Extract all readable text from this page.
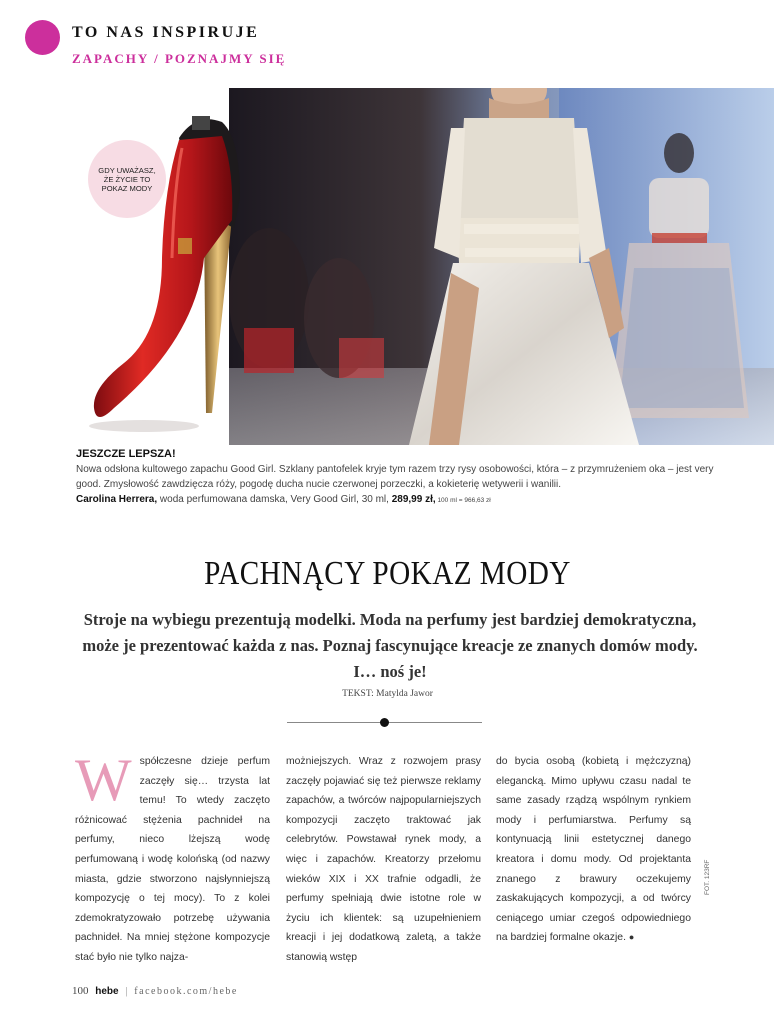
TO NAS INSPIRUJE
ZAPACHY / POZNAJMY SIĘ
GDY UWAŻASZ, ŻE ŻYCIE TO POKAZ MODY

JESZCZE LEPSZA!

Nowa odsłona kultowego zapachu Good Girl. Szklany pantofelek kryje tym razem trzy rysy osobowości, która – z przymrużeniem oka – jest very good. Zmysłowość zawdzięcza róży, pogodę ducha nucie czerwonej porzeczki, a kokieterię wetywerii i wanilii.

Carolina Herrera, woda perfumowana damska, Very Good Girl, 30 ml, 289,99 zł, 100 ml = 966,63 zł

PACHNĄCY POKAZ MODY
Stroje na wybiegu prezentują modelki. Moda na perfumy jest bardziej demokratyczna, może je prezentować każda z nas. Poznaj fascynujące kreacje ze znanych domów mody. I… noś je!
TEKST: Matylda Jawor
Współczesne dzieje perfum zaczęły się… trzysta lat temu! To wtedy zaczęto różnicować stężenia pachnideł na perfumy, nieco lżejszą wodę perfumowaną i wodę kolońską (od nazwy miasta, gdzie stworzono najsłynniejszą kompozycję o tej mocy). To z kolei zdemokratyzowało potrzebę używania pachnideł. Na mniej stężone kompozycje stać było nie tylko najza-
możniejszych. Wraz z rozwojem prasy zaczęły pojawiać się też pierwsze reklamy zapachów, a twórców najpopularniejszych kompozycji zaczęto traktować jak celebrytów. Powstawał rynek mody, a więc i zapachów. Kreatorzy przełomu wieków XIX i XX trafnie odgadli, że perfumy spełniają dwie istotne role w życiu ich klientek: są uzupełnieniem kreacji i jej dodatkową zaletą, a także stanowią wstęp
do bycia osobą (kobietą i mężczyzną) elegancką. Mimo upływu czasu nadal te same zasady rządzą wspólnym rynkiem mody i perfumiarstwa. Perfumy są kontynuacją linii estetycznej danego kreatora i domu mody. Od projektanta znanego z brawury oczekujemy zaskakujących kompozycji, a od twórcy ceniącego umiar czegoś odpowiedniego na bardziej formalne okazje. ●
FOT. 123RF
100 hebe | facebook.com/hebe
